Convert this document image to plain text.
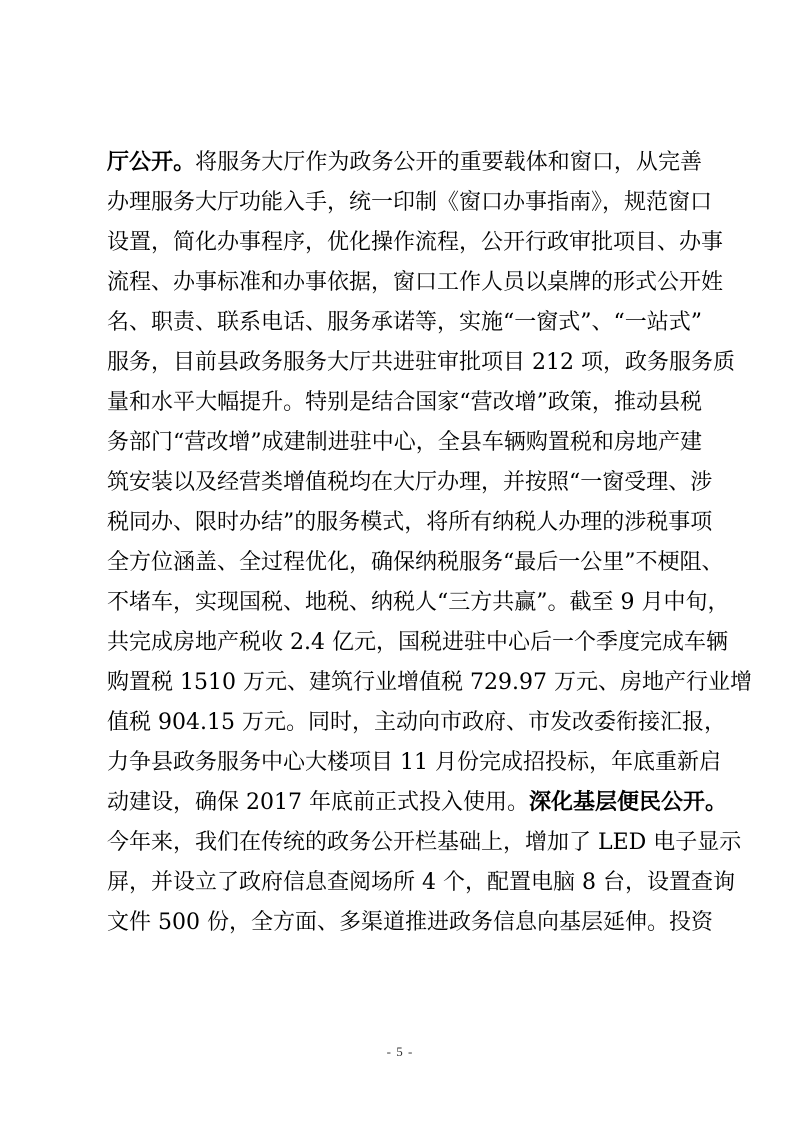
厅公开。将服务大厅作为政务公开的重要载体和窗口，从完善
办理服务大厅功能入手，统一印制《窗口办事指南》，规范窗口
设置，简化办事程序，优化操作流程，公开行政审批项目、办事
流程、办事标准和办事依据，窗口工作人员以桌牌的形式公开姓
名、职责、联系电话、服务承诺等，实施“一窗式”、“一站式”
服务，目前县政务服务大厅共进驻审批项目 212 项，政务服务质
量和水平大幅提升。特别是结合国家“营改增”政策，推动县税
务部门“营改增”成建制进驻中心，全县车辆购置税和房地产建
筑安装以及经营类增值税均在大厅办理，并按照“一窗受理、涉
税同办、限时办结”的服务模式，将所有纳税人办理的涉税事项
全方位涵盖、全过程优化，确保纳税服务“最后一公里”不梗阻、
不堵车，实现国税、地税、纳税人“三方共赢”。截至 9 月中旬，
共完成房地产税收 2.4 亿元，国税进驻中心后一个季度完成车辆
购置税 1510 万元、建筑行业增值税 729.97 万元、房地产行业增
值税 904.15 万元。同时，主动向市政府、市发改委衔接汇报，
力争县政务服务中心大楼项目 11 月份完成招投标，年底重新启
动建设，确保 2017 年底前正式投入使用。深化基层便民公开。
今年来，我们在传统的政务公开栏基础上，增加了 LED 电子显示
屏，并设立了政府信息查阅场所 4 个，配置电脑 8 台，设置查询
文件 500 份，全方面、多渠道推进政务信息向基层延伸。投资
- 5 -
